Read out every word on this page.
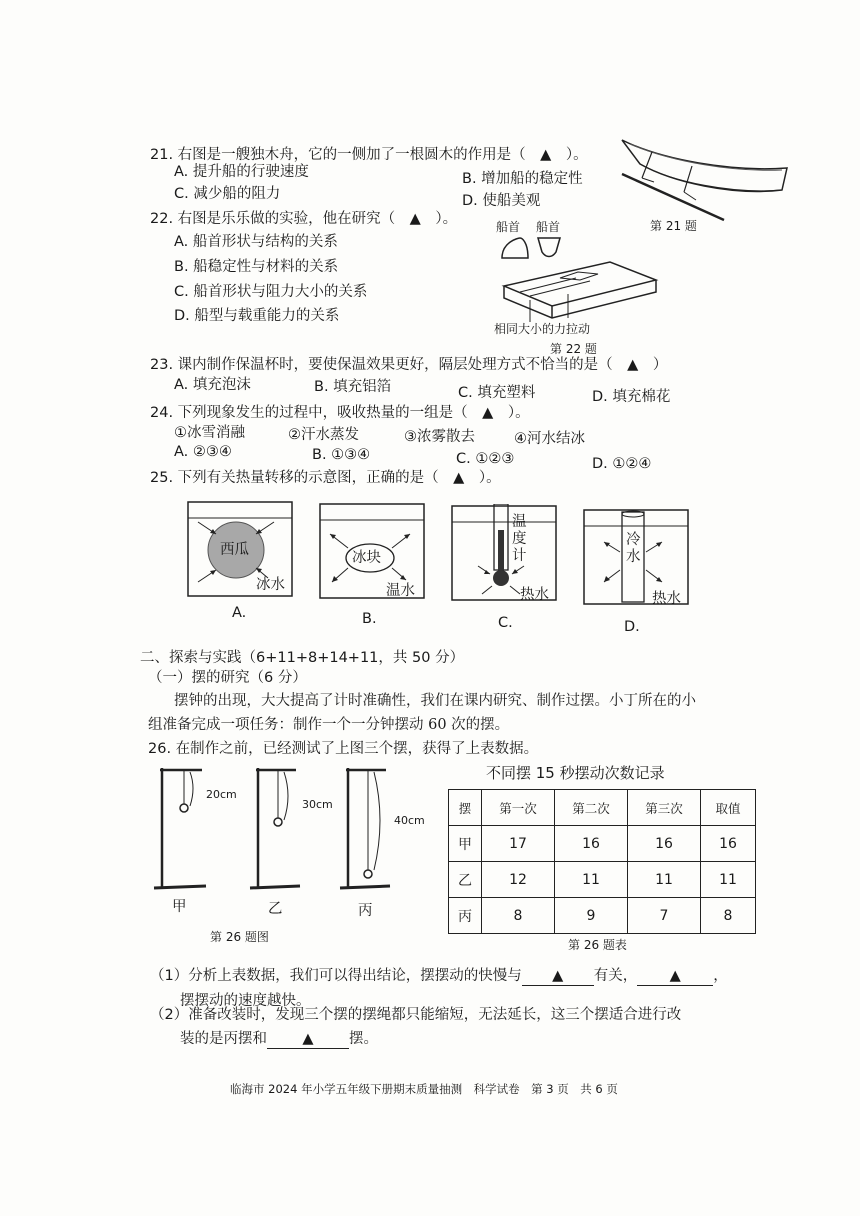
21. 右图是一艘独木舟，它的一侧加了一根圆木的作用是（　▲　）。
A. 提升船的行驶速度	B. 增加船的稳定性
C. 减少船的阻力	D. 使船美观
第 21 题
22. 右图是乐乐做的实验，他在研究（　▲　）。
A. 船首形状与结构的关系
B. 船稳定性与材料的关系
C. 船首形状与阻力大小的关系
D. 船型与载重能力的关系
船首 船首
相同大小的力拉动
第 22 题
23. 课内制作保温杯时，要使保温效果更好，隔层处理方式不恰当的是（　▲　）
A. 填充泡沫	B. 填充铝箔	C. 填充塑料	D. 填充棉花
24. 下列现象发生的过程中，吸收热量的一组是（　▲　）。
①冰雪消融	②汗水蒸发	③浓雾散去	④河水结冰
A. ②③④	B. ①③④	C. ①②③	D. ①②④
25. 下列有关热量转移的示意图，正确的是（　▲　）。
西瓜
冰水
A.
冰块
温水
B.
温度计
热水
C.
冷水
热水
D.
二、探索与实践（6+11+8+14+11，共 50 分）
（一）摆的研究（6 分）
摆钟的出现，大大提高了计时准确性，我们在课内研究、制作过摆。小丁所在的小
组准备完成一项任务：制作一个一分钟摆动 60 次的摆。
26. 在制作之前，已经测试了上图三个摆，获得了上表数据。
20cm
30cm
40cm
甲	乙	丙
第 26 题图
不同摆 15 秒摆动次数记录
摆	第一次	第二次	第三次	取值
甲	17	16	16	16
乙	12	11	11	11
丙	8	9	7	8
第 26 题表
（1）分析上表数据，我们可以得出结论，摆摆动的快慢与 ▲ 有关， ▲ ，
摆摆动的速度越快。
（2）准备改装时，发现三个摆的摆绳都只能缩短，无法延长，这三个摆适合进行改
装的是丙摆和 ▲ 摆。
临海市 2024 年小学五年级下册期末质量抽测　科学试卷　第 3 页　共 6 页
